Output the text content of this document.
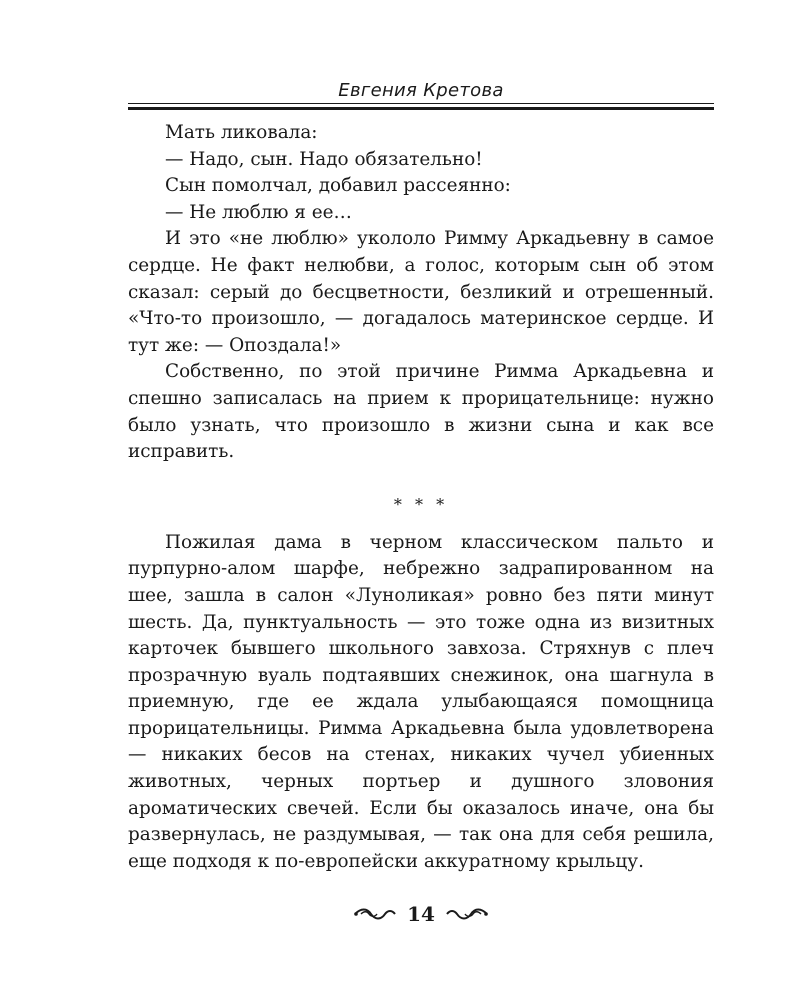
Евгения Кретова

Мать ликовала:

— Надо, сын. Надо обязательно!

Сын помолчал, добавил рассеянно:

— Не люблю я ее…

И это «не люблю» укололо Римму Аркадьевну в самое сердце. Не факт нелюбви, а голос, которым сын об этом сказал: серый до бесцветности, безликий и отрешенный. «Что-то произошло, — догадалось материнское сердце. И тут же: — Опоздала!»

Собственно, по этой причине Римма Аркадьевна и спешно записалась на прием к прорицательнице: нужно было узнать, что произошло в жизни сына и как все исправить.

* * *

Пожилая дама в черном классическом пальто и пурпурно-алом шарфе, небрежно задрапированном на шее, зашла в салон «Луноликая» ровно без пяти минут шесть. Да, пунктуальность — это тоже одна из визитных карточек бывшего школьного завхоза. Стряхнув с плеч прозрачную вуаль подтаявших снежинок, она шагнула в приемную, где ее ждала улыбающаяся помощница прорицательницы. Римма Аркадьевна была удовлетворена — никаких бесов на стенах, никаких чучел убиенных животных, черных портьер и душного зловония ароматических свечей. Если бы оказалось иначе, она бы развернулась, не раздумывая, — так она для себя решила, еще подходя к по-европейски аккуратному крыльцу.

14
